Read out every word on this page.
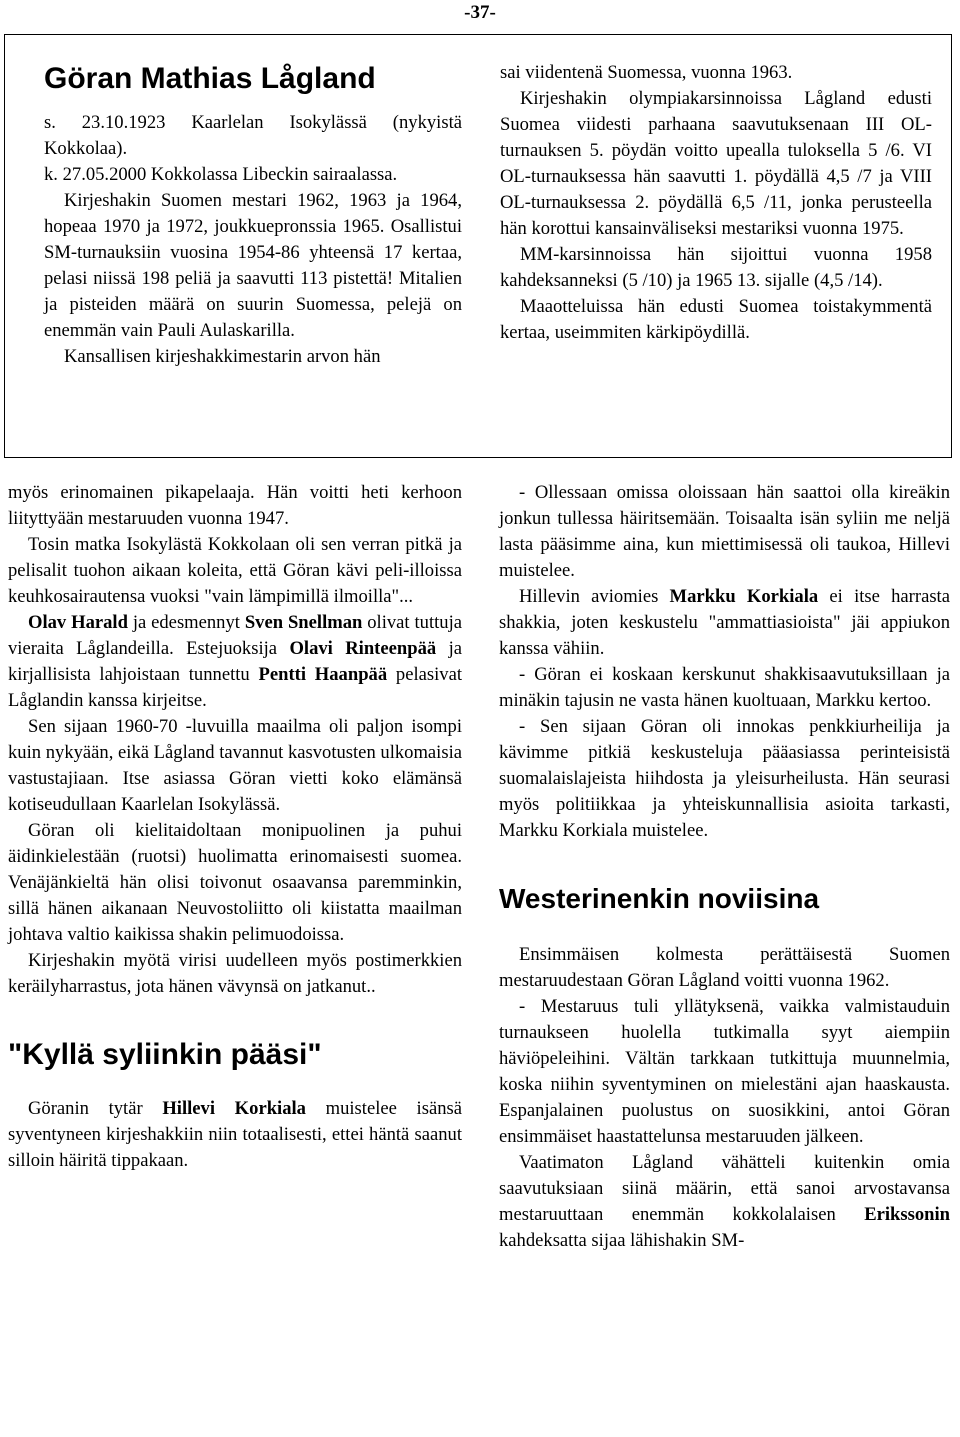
-37-
Göran Mathias Lågland

s. 23.10.1923 Kaarlelan Isokylässä (nykyistä Kokkolaa).

k. 27.05.2000 Kokkolassa Libeckin sairaalassa.

Kirjeshakin Suomen mestari 1962, 1963 ja 1964, hopeaa 1970 ja 1972, joukkuepronssia 1965. Osallistui SM-turnauksiin vuosina 1954-86 yhteensä 17 kertaa, pelasi niissä 198 peliä ja saavutti 113 pistettä! Mitalien ja pisteiden määrä on suurin Suomessa, pelejä on enemmän vain Pauli Aulaskarilla.

Kansallisen kirjeshakkimestarin arvon hän

sai viidentenä Suomessa, vuonna 1963.

Kirjeshakin olympiakarsinnoissa Lågland edusti Suomea viidesti parhaana saavutuksenaan III OL-turnauksen 5. pöydän voitto upealla tuloksella 5 /6. VI OL-turnauksessa hän saavutti 1. pöydällä 4,5 /7 ja VIII OL-turnauksessa 2. pöydällä 6,5 /11, jonka perusteella hän korottui kansainväliseksi mestariksi vuonna 1975.

MM-karsinnoissa hän sijoittui vuonna 1958 kahdeksanneksi (5 /10) ja 1965 13. sijalle (4,5 /14).

Maaotteluissa hän edusti Suomea toistakymmentä kertaa, useimmiten kärkipöydillä.

myös erinomainen pikapelaaja. Hän voitti heti kerhoon liityttyään mestaruuden vuonna 1947.

Tosin matka Isokylästä Kokkolaan oli sen verran pitkä ja pelisalit tuohon aikaan koleita, että Göran kävi peli-illoissa keuhkosairautensa vuoksi "vain lämpimillä ilmoilla"...

Olav Harald ja edesmennyt Sven Snellman olivat tuttuja vieraita Låglandeilla. Estejuoksija Olavi Rinteenpää ja kirjallisista lahjoistaan tunnettu Pentti Haanpää pelasivat Låglandin kanssa kirjeitse.

Sen sijaan 1960-70 -luvuilla maailma oli paljon isompi kuin nykyään, eikä Lågland tavannut kasvotusten ulkomaisia vastustajiaan. Itse asiassa Göran vietti koko elämänsä kotiseudullaan Kaarlelan Isokylässä.

Göran oli kielitaidoltaan monipuolinen ja puhui äidinkielestään (ruotsi) huolimatta erinomaisesti suomea. Venäjänkieltä hän olisi toivonut osaavansa paremminkin, sillä hänen aikanaan Neuvostoliitto oli kiistatta maailman johtava valtio kaikissa shakin pelimuodoissa.

Kirjeshakin myötä virisi uudelleen myös postimerkkien keräilyharrastus, jota hänen vävynsä on jatkanut..

"Kyllä syliinkin pääsi"

Göranin tytär Hillevi Korkiala muistelee isänsä syventyneen kirjeshakkiin niin totaalisesti, ettei häntä saanut silloin häiritä tippakaan.

- Ollessaan omissa oloissaan hän saattoi olla kireäkin jonkun tullessa häiritsemään. Toisaalta isän syliin me neljä lasta pääsimme aina, kun miettimisessä oli taukoa, Hillevi muistelee.

Hillevin aviomies Markku Korkiala ei itse harrasta shakkia, joten keskustelu "ammattiasioista" jäi appiukon kanssa vähiin.

- Göran ei koskaan kerskunut shakkisaavutuksillaan ja minäkin tajusin ne vasta hänen kuoltuaan, Markku kertoo.

- Sen sijaan Göran oli innokas penkkiurheilija ja kävimme pitkiä keskusteluja pääasiassa perinteisistä suomalaislajeista hiihdosta ja yleisurheilusta. Hän seurasi myös politiikkaa ja yhteiskunnallisia asioita tarkasti, Markku Korkiala muistelee.

Westerinenkin noviisina

Ensimmäisen kolmesta perättäisestä Suomen mestaruudestaan Göran Lågland voitti vuonna 1962.

- Mestaruus tuli yllätyksenä, vaikka valmistauduin turnaukseen huolella tutkimalla syyt aiempiin häviöpeleihini. Vältän tarkkaan tutkittuja muunnelmia, koska niihin syventyminen on mielestäni ajan haaskausta. Espanjalainen puolustus on suosikkini, antoi Göran ensimmäiset haastattelunsa mestaruuden jälkeen.

Vaatimaton Lågland vähätteli kuitenkin omia saavutuksiaan siinä määrin, että sanoi arvostavansa mestaruuttaan enemmän kokkolalaisen Erikssonin kahdeksatta sijaa lähishakin SM-
